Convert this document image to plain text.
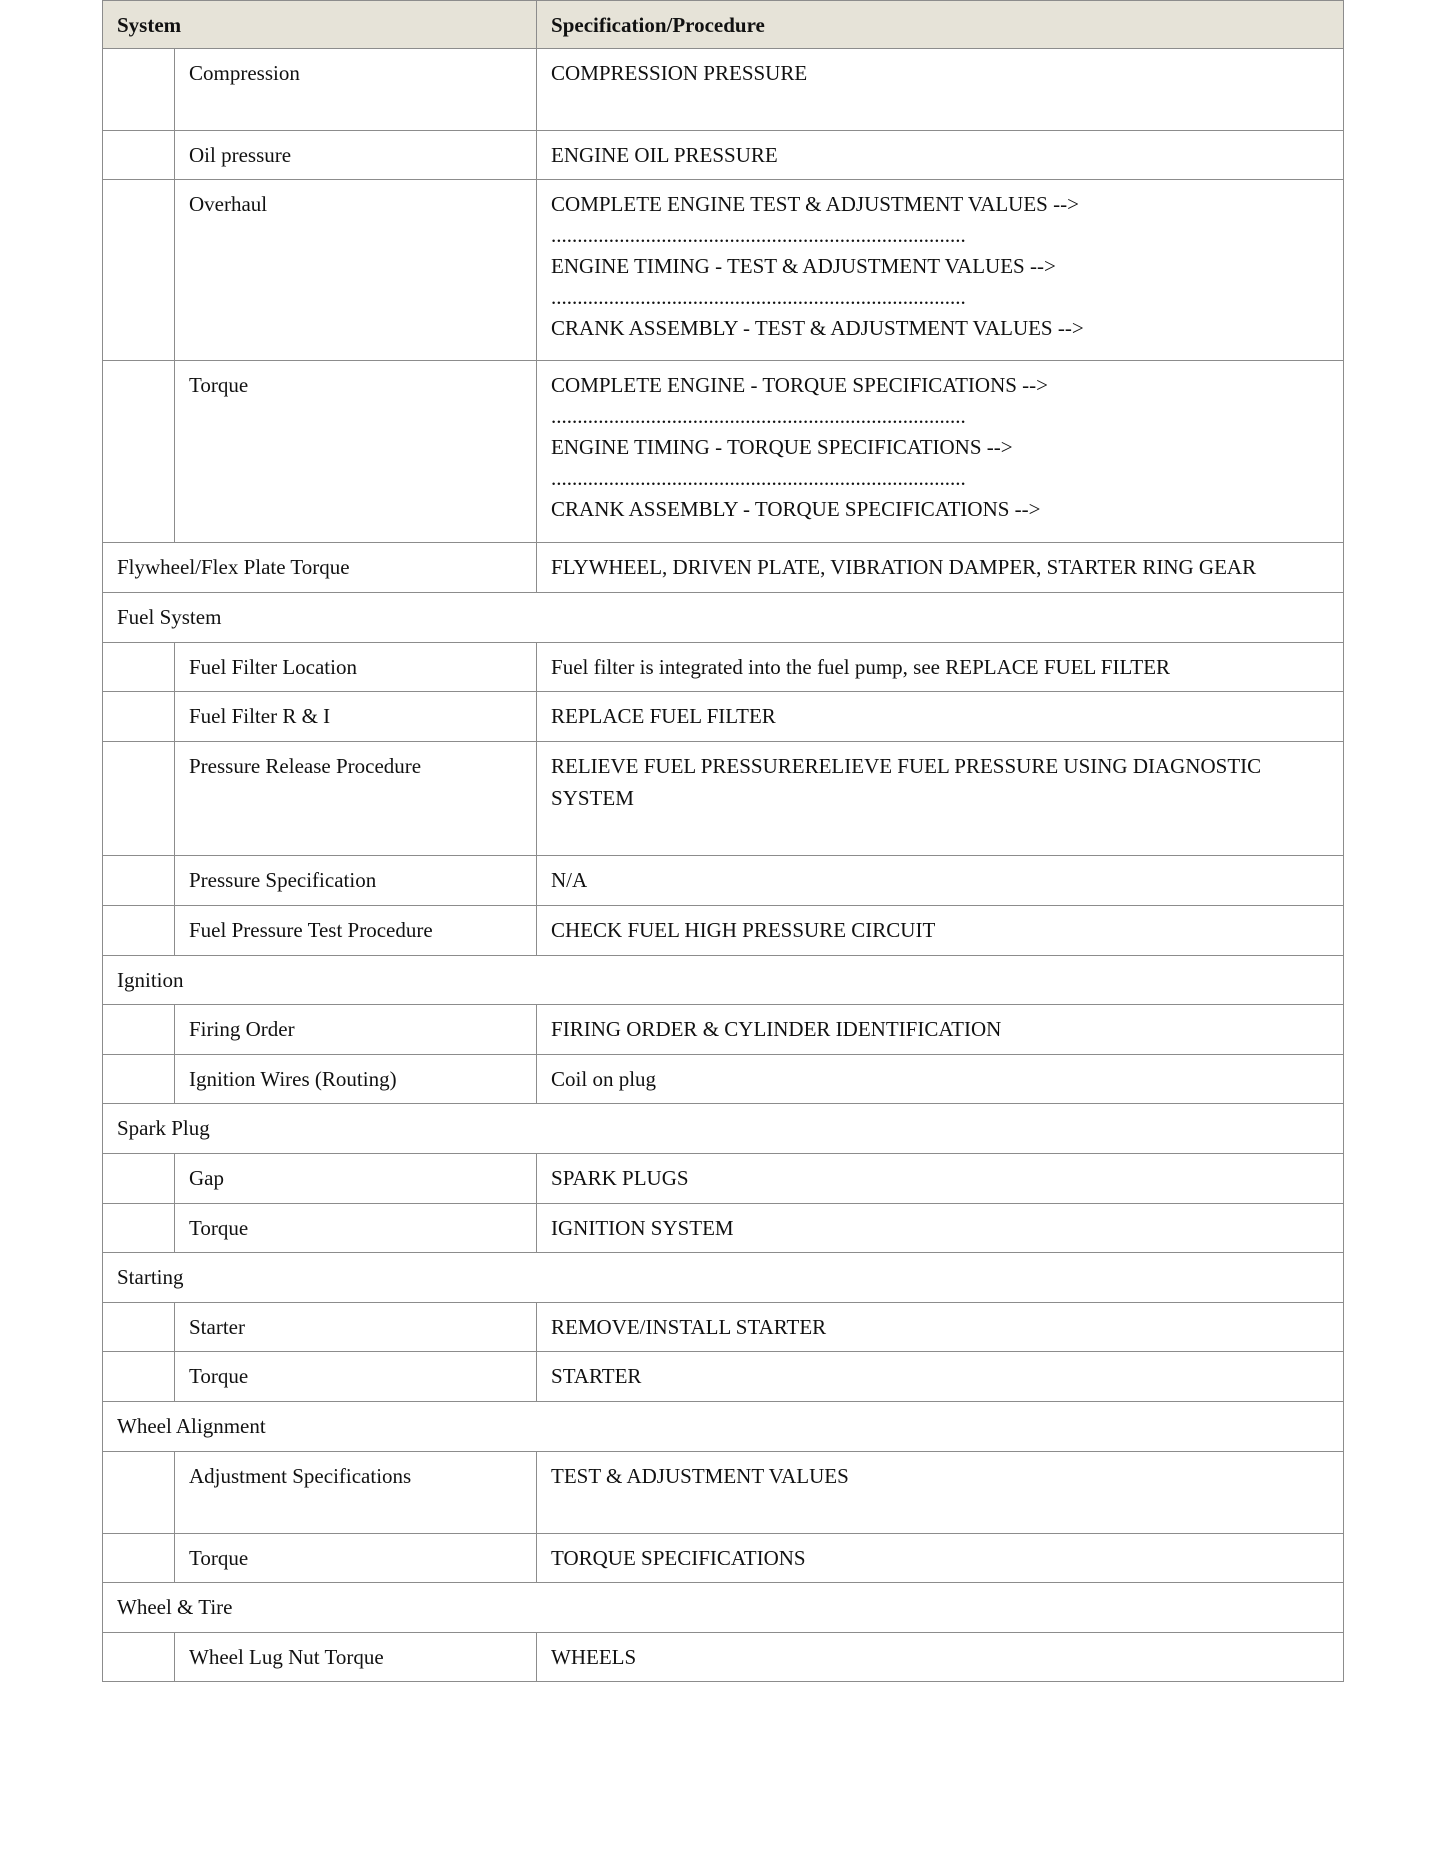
System		Specification/Procedure
	Compression	COMPRESSION PRESSURE

	Oil pressure	ENGINE OIL PRESSURE

	Overhaul	COMPLETE ENGINE TEST & ADJUSTMENT VALUES -->
...............................................................................
ENGINE TIMING - TEST & ADJUSTMENT VALUES -->
...............................................................................
CRANK ASSEMBLY - TEST & ADJUSTMENT VALUES -->

	Torque	COMPLETE ENGINE - TORQUE SPECIFICATIONS -->
...............................................................................
ENGINE TIMING - TORQUE SPECIFICATIONS -->
...............................................................................
CRANK ASSEMBLY - TORQUE SPECIFICATIONS -->

Flywheel/Flex Plate Torque		FLYWHEEL, DRIVEN PLATE, VIBRATION DAMPER, STARTER RING GEAR

Fuel System		
	Fuel Filter Location	Fuel filter is integrated into the fuel pump, see REPLACE FUEL FILTER

	Fuel Filter R & I	REPLACE FUEL FILTER

	Pressure Release Procedure	RELIEVE FUEL PRESSURERELIEVE FUEL PRESSURE USING DIAGNOSTIC SYSTEM

	Pressure Specification	N/A

	Fuel Pressure Test Procedure	CHECK FUEL HIGH PRESSURE CIRCUIT

Ignition		
	Firing Order	FIRING ORDER & CYLINDER IDENTIFICATION

	Ignition Wires (Routing)	Coil on plug

Spark Plug		
	Gap	SPARK PLUGS

	Torque	IGNITION SYSTEM

Starting		
	Starter	REMOVE/INSTALL STARTER

	Torque	STARTER

Wheel Alignment		
	Adjustment Specifications	TEST & ADJUSTMENT VALUES

	Torque	TORQUE SPECIFICATIONS

Wheel & Tire		
	Wheel Lug Nut Torque	WHEELS
